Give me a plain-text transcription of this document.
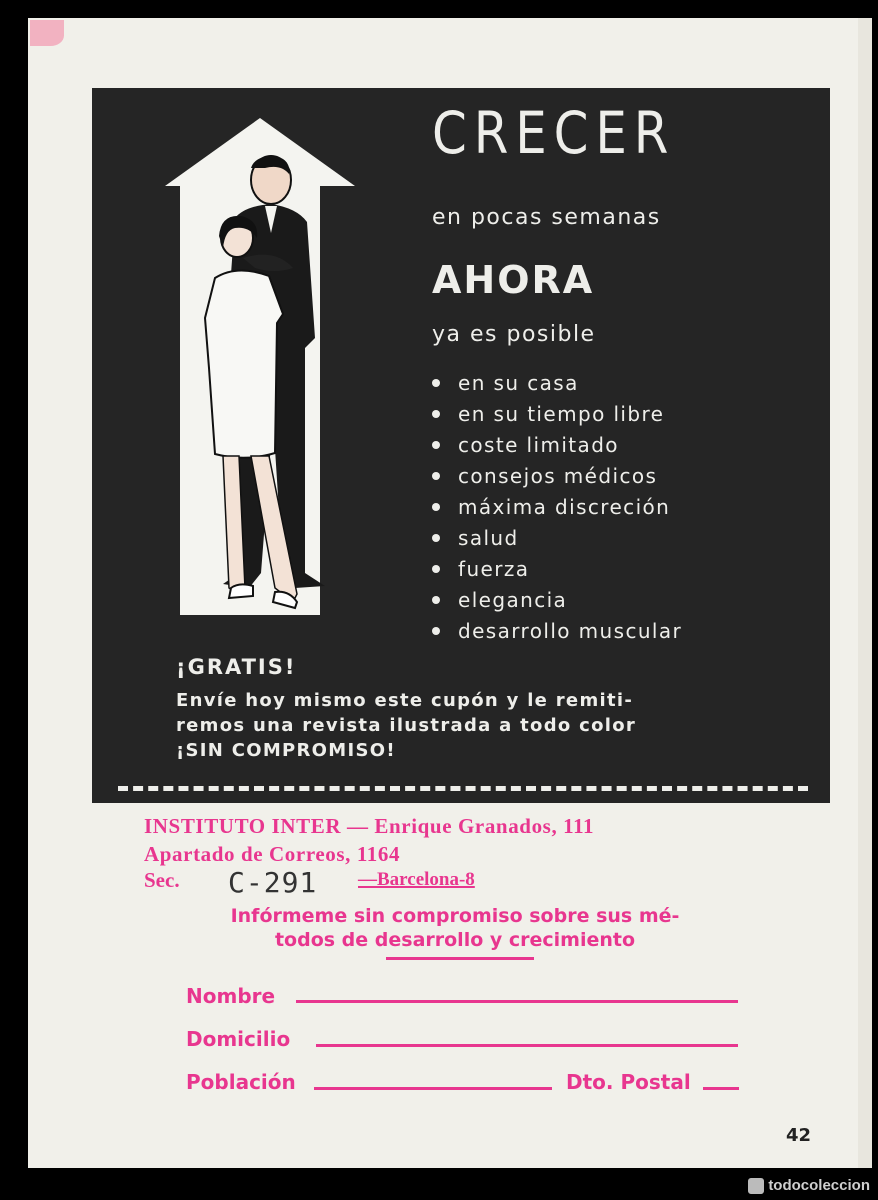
CRECER
en pocas semanas
AHORA
ya es posible
en su casa
en su tiempo libre
coste limitado
consejos médicos
máxima discreción
salud
fuerza
elegancia
desarrollo muscular
¡GRATIS!
Envíe hoy mismo este cupón y le remiti-
remos una revista ilustrada a todo color
¡SIN COMPROMISO!
INSTITUTO INTER — Enrique Granados, 111
Apartado de Correos, 1164
Sec. C-291 —Barcelona-8
Infórmeme sin compromiso sobre sus mé-
todos de desarrollo y crecimiento
Nombre
Domicilio
Población	Dto. Postal
42
todocoleccion
